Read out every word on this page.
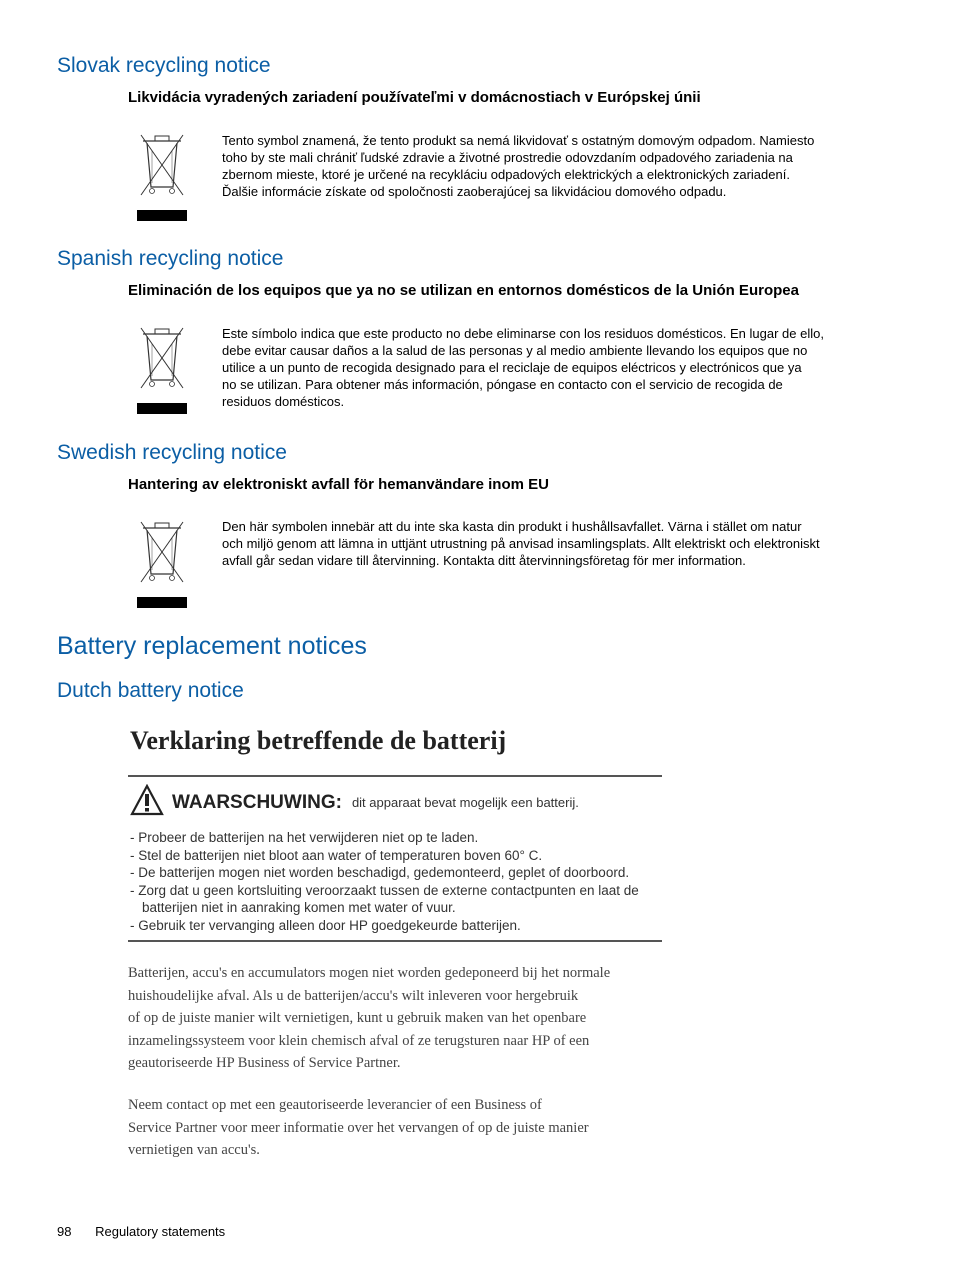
Slovak recycling notice
Likvidácia vyradených zariadení používateľmi v domácnostiach v Európskej únii
Tento symbol znamená, že tento produkt sa nemá likvidovať s ostatným domovým odpadom. Namiesto
toho by ste mali chrániť ľudské zdravie a životné prostredie odovzdaním odpadového zariadenia na
zbernom mieste, ktoré je určené na recykláciu odpadových elektrických a elektronických zariadení.
Ďalšie informácie získate od spoločnosti zaoberajúcej sa likvidáciou domového odpadu.
Spanish recycling notice
Eliminación de los equipos que ya no se utilizan en entornos domésticos de la Unión Europea
Este símbolo indica que este producto no debe eliminarse con los residuos domésticos. En lugar de ello,
debe evitar causar daños a la salud de las personas y al medio ambiente llevando los equipos que no
utilice a un punto de recogida designado para el reciclaje de equipos eléctricos y electrónicos que ya
no se utilizan. Para obtener más información, póngase en contacto con el servicio de recogida de
residuos domésticos.
Swedish recycling notice
Hantering av elektroniskt avfall för hemanvändare inom EU
Den här symbolen innebär att du inte ska kasta din produkt i hushållsavfallet. Värna i stället om natur
och miljö genom att lämna in uttjänt utrustning på anvisad insamlingsplats. Allt elektriskt och elektroniskt
avfall går sedan vidare till återvinning. Kontakta ditt återvinningsföretag för mer information.
Battery replacement notices
Dutch battery notice
Verklaring betreffende de batterij
WAARSCHUWING: dit apparaat bevat mogelijk een batterij.
- Probeer de batterijen na het verwijderen niet op te laden.
- Stel de batterijen niet bloot aan water of temperaturen boven 60° C.
- De batterijen mogen niet worden beschadigd, gedemonteerd, geplet of doorboord.
- Zorg dat u geen kortsluiting veroorzaakt tussen de externe contactpunten en laat de
batterijen niet in aanraking komen met water of vuur.
- Gebruik ter vervanging alleen door HP goedgekeurde batterijen.
Batterijen, accu's en accumulators mogen niet worden gedeponeerd bij het normale
huishoudelijke afval. Als u de batterijen/accu's wilt inleveren voor hergebruik
of op de juiste manier wilt vernietigen, kunt u gebruik maken van het openbare
inzamelingssysteem voor klein chemisch afval of ze terugsturen naar HP of een
geautoriseerde HP Business of Service Partner.
Neem contact op met een geautoriseerde leverancier of een Business of
Service Partner voor meer informatie over het vervangen of op de juiste manier
vernietigen van accu's.
98 Regulatory statements
